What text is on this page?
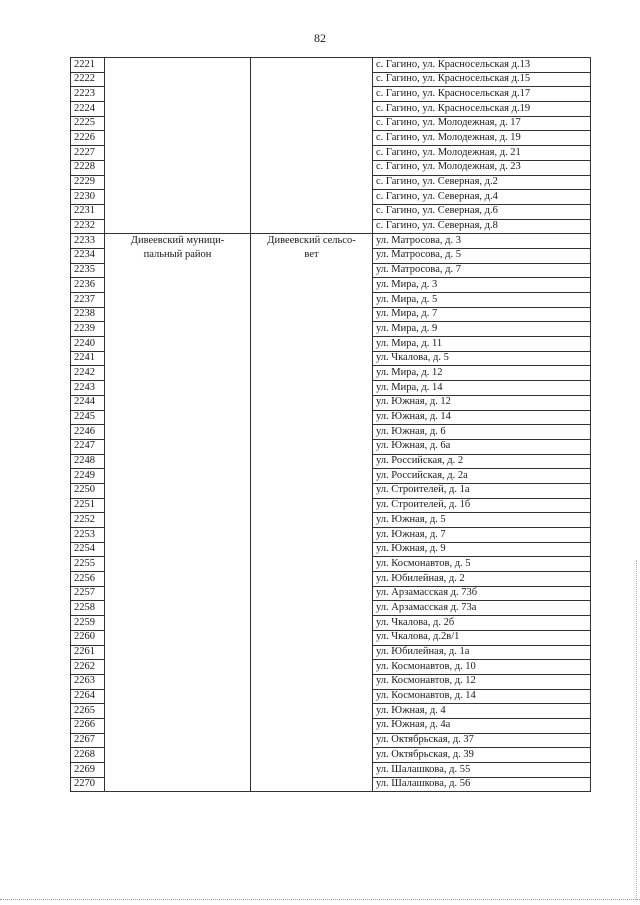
82
2221			с. Гагино, ул. Красносельская д.13
2222			с. Гагино, ул. Красносельская д.15
2223			с. Гагино, ул. Красносельская д.17
2224			с. Гагино, ул. Красносельская д.19
2225			с. Гагино, ул. Молодежная, д. 17
2226			с. Гагино, ул. Молодежная, д. 19
2227			с. Гагино, ул. Молодежная, д. 21
2228			с. Гагино, ул. Молодежная, д. 23
2229			с. Гагино, ул. Северная, д.2
2230			с. Гагино, ул. Северная, д.4
2231			с. Гагино, ул. Северная, д.6
2232			с. Гагино, ул. Северная, д.8
2233	Дивеевский муници-
пальный район	Дивеевский сельсо-
вет	ул. Матросова, д. 3
2234			ул. Матросова, д. 5
2235			ул. Матросова, д. 7
2236			ул. Мира, д. 3
2237			ул. Мира, д. 5
2238			ул. Мира, д. 7
2239			ул. Мира, д. 9
2240			ул. Мира, д. 11
2241			ул. Чкалова, д. 5
2242			ул. Мира, д. 12
2243			ул. Мира, д. 14
2244			ул. Южная, д. 12
2245			ул. Южная, д. 14
2246			ул. Южная, д. 6
2247			ул. Южная, д. 6а
2248			ул. Российская, д. 2
2249			ул. Российская, д. 2а
2250			ул. Строителей, д. 1а
2251			ул. Строителей, д. 1б
2252			ул. Южная, д. 5
2253			ул. Южная, д. 7
2254			ул. Южная, д. 9
2255			ул. Космонавтов, д. 5
2256			ул. Юбилейная, д. 2
2257			ул. Арзамасская д. 73б
2258			ул. Арзамасская д. 73а
2259			ул. Чкалова, д. 2б
2260			ул. Чкалова, д.2в/1
2261			ул. Юбилейная, д. 1а
2262			ул. Космонавтов, д. 10
2263			ул. Космонавтов, д. 12
2264			ул. Космонавтов, д. 14
2265			ул. Южная, д. 4
2266			ул. Южная, д. 4а
2267			ул. Октябрьская, д. 37
2268			ул. Октябрьская, д. 39
2269			ул. Шалашкова, д. 55
2270			ул. Шалашкова, д. 56
